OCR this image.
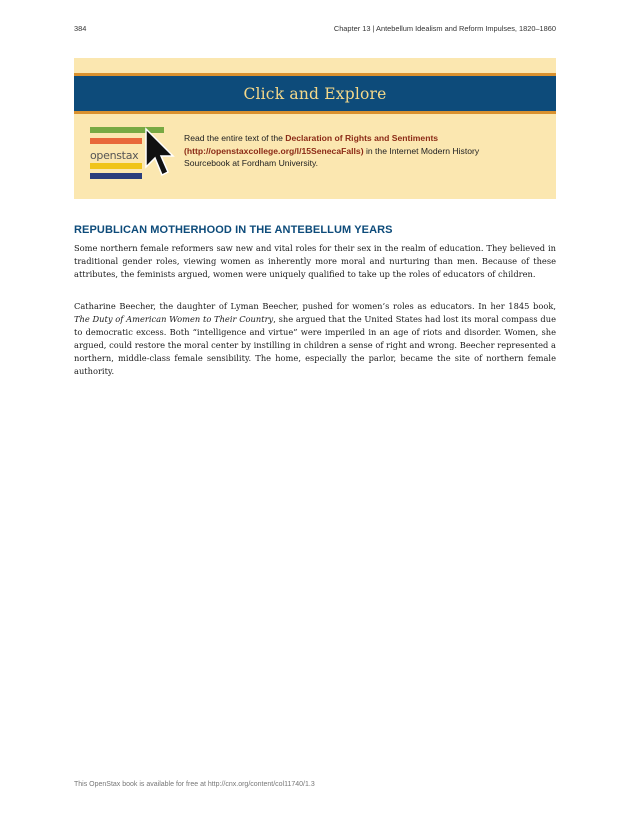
384	Chapter 13 | Antebellum Idealism and Reform Impulses, 1820–1860
Click and Explore
openstax
Read the entire text of the Declaration of Rights and Sentiments (http://openstaxcollege.org/l/15SenecaFalls) in the Internet Modern History Sourcebook at Fordham University.
REPUBLICAN MOTHERHOOD IN THE ANTEBELLUM YEARS

Some northern female reformers saw new and vital roles for their sex in the realm of education. They believed in traditional gender roles, viewing women as inherently more moral and nurturing than men. Because of these attributes, the feminists argued, women were uniquely qualified to take up the roles of educators of children.

Catharine Beecher, the daughter of Lyman Beecher, pushed for women’s roles as educators. In her 1845 book, The Duty of American Women to Their Country, she argued that the United States had lost its moral compass due to democratic excess. Both “intelligence and virtue” were imperiled in an age of riots and disorder. Women, she argued, could restore the moral center by instilling in children a sense of right and wrong. Beecher represented a northern, middle-class female sensibility. The home, especially the parlor, became the site of northern female authority.

This OpenStax book is available for free at http://cnx.org/content/col11740/1.3
